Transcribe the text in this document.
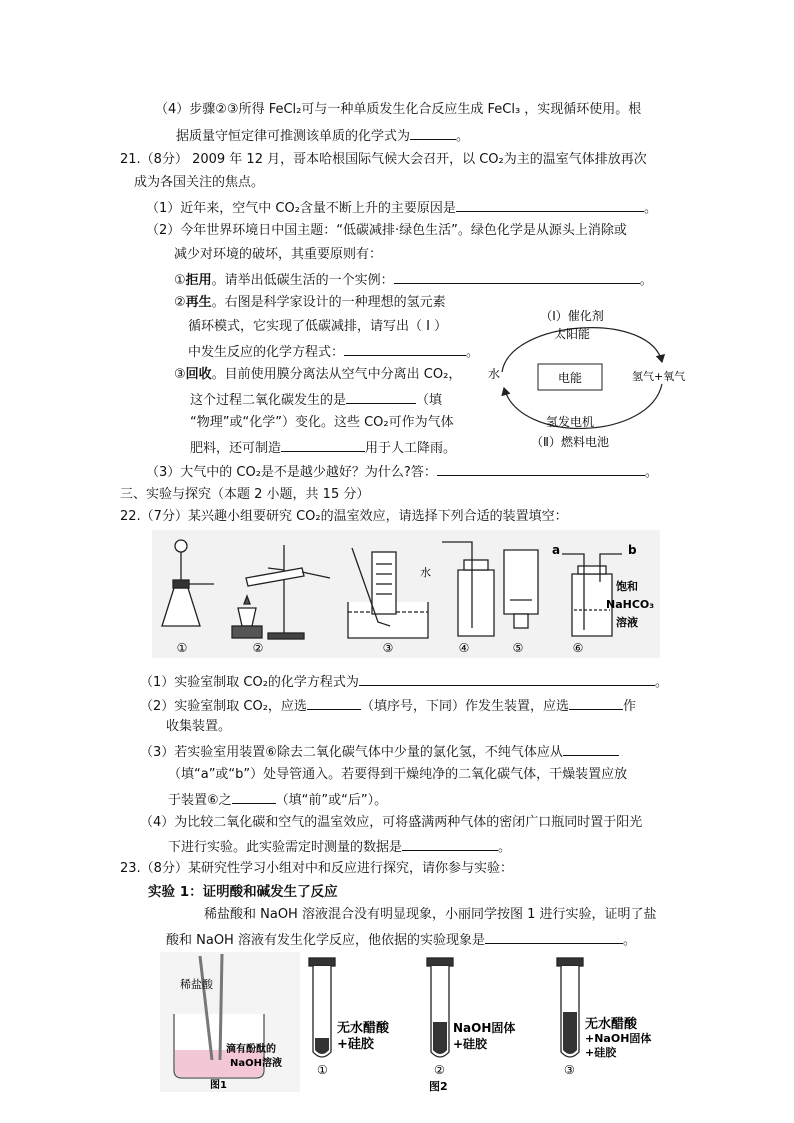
（4）步骤②③所得 FeCl₂可与一种单质发生化合反应生成 FeCl₃ ，实现循环使用。根
据质量守恒定律可推测该单质的化学式为	。
21.（8分） 2009 年 12 月，哥本哈根国际气候大会召开，以 CO₂为主的温室气体排放再次
成为各国关注的焦点。
（1）近年来，空气中 CO₂含量不断上升的主要原因是	。
（2）今年世界环境日中国主题：“低碳减排·绿色生活”。绿色化学是从源头上消除或
减少对环境的破坏，其重要原则有：
①拒用。请举出低碳生活的一个实例：	。
②再生。右图是科学家设计的一种理想的氢元素
循环模式，它实现了低碳减排，请写出（ Ⅰ ）
中发生反应的化学方程式：	。
③回收。目前使用膜分离法从空气中分离出 CO₂，
这个过程二氧化碳发生的是	（填
“物理”或“化学”）变化。这些 CO₂可作为气体
肥料，还可制造	用于人工降雨。
（3）大气中的 CO₂是不是越少越好？为什么?答：	。
电能
（Ⅰ）催化剂
太阳能
水	氢气+氧气
氢发电机
（Ⅱ）燃料电池
三、实验与探究（本题 2 小题，共 15 分）
22.（7分）某兴趣小组要研究 CO₂的温室效应，请选择下列合适的装置填空：
①	②	③	④	⑤	⑥
水
a	b
饱和
NaHCO₃
溶液
（1）实验室制取 CO₂的化学方程式为	。
（2）实验室制取 CO₂，应选	（填序号，下同）作发生装置，应选	作
收集装置。
（3）若实验室用装置⑥除去二氧化碳气体中少量的氯化氢，不纯气体应从
（填“a”或“b”）处导管通入。若要得到干燥纯净的二氧化碳气体，干燥装置应放
于装置⑥之	（填“前”或“后”）。
（4）为比较二氧化碳和空气的温室效应，可将盛满两种气体的密闭广口瓶同时置于阳光
下进行实验。此实验需定时测量的数据是	。
23.（8分）某研究性学习小组对中和反应进行探究，请你参与实验：
实验 1：证明酸和碱发生了反应
稀盐酸和 NaOH 溶液混合没有明显现象，小丽同学按图 1 进行实验，证明了盐
酸和 NaOH 溶液有发生化学反应，他依据的实验现象是	。
稀盐酸
滴有酚酞的
NaOH溶液
图1
无水醋酸
+硅胶
①
NaOH固体
+硅胶
②
无水醋酸
+NaOH固体
+硅胶
③
图2
